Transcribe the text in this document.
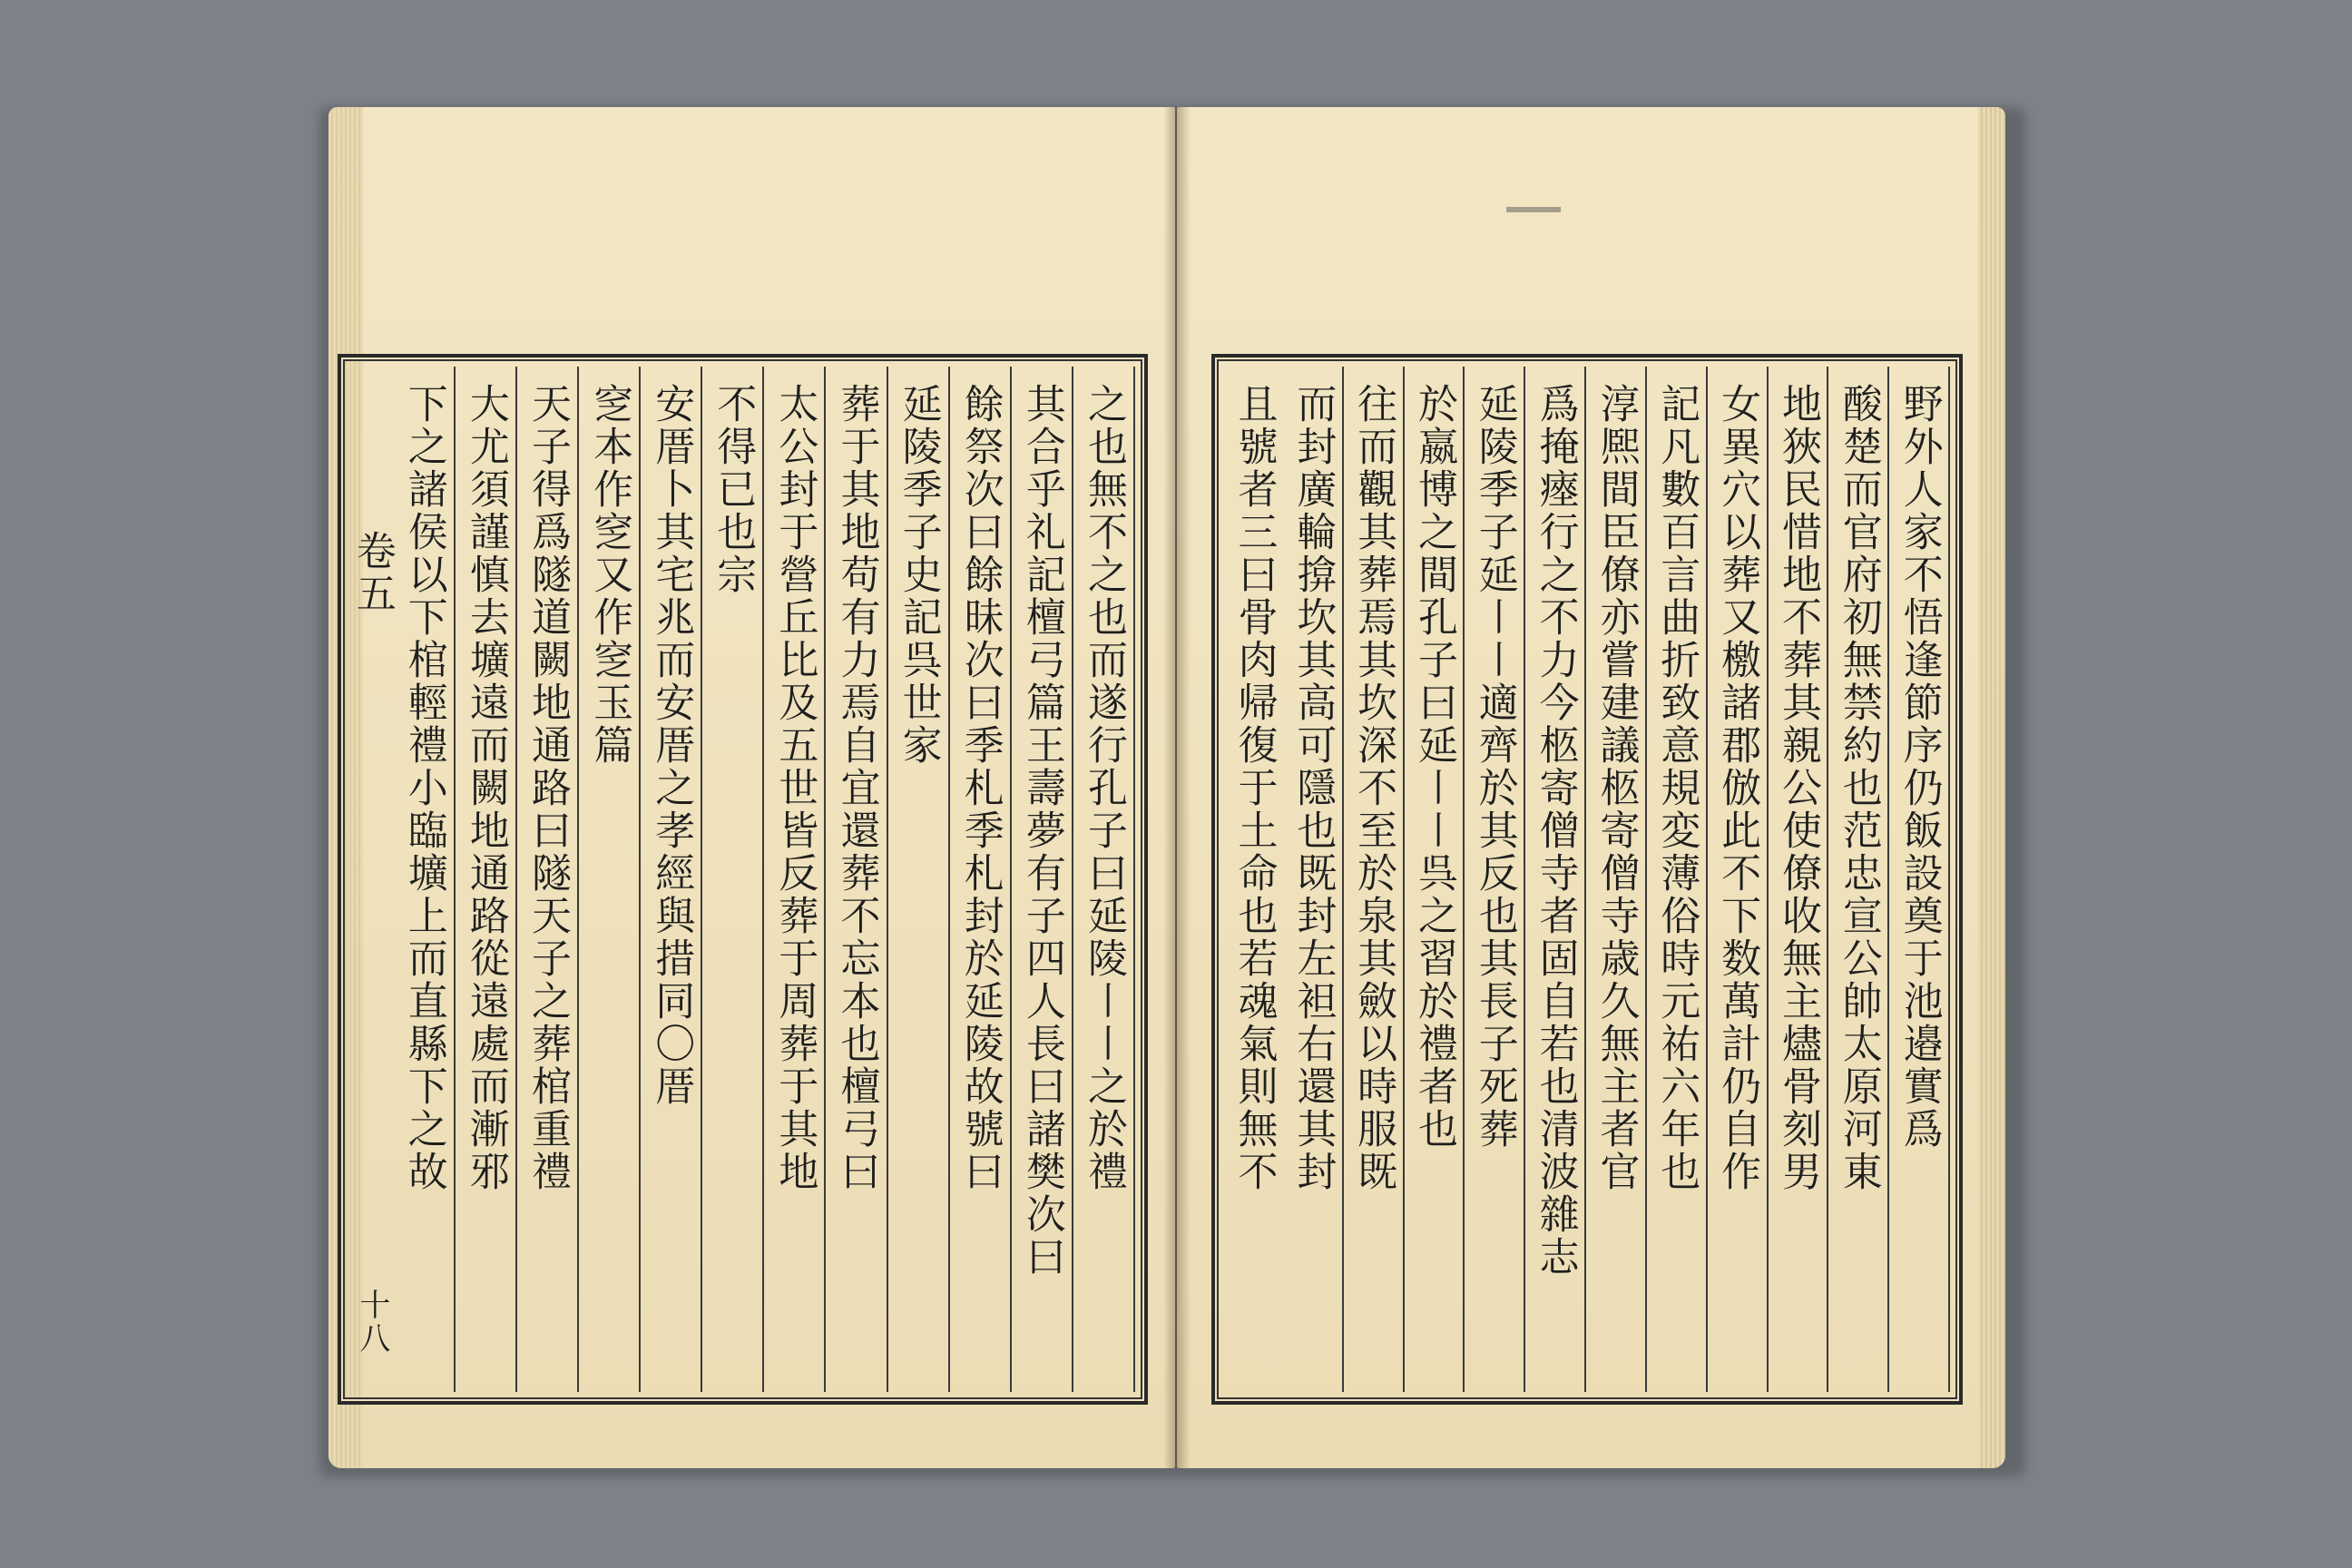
之也無不之也而遂行孔子曰延陵〡〡之於禮
其合乎礼記檀弓篇王壽夢有子四人長曰諸樊次曰
餘祭次曰餘昧次曰季札季札封於延陵故號曰
延陵季子史記呉世家
葬于其地苟有力焉自宜還葬不忘本也檀弓曰
太公封于營丘比及五世皆反葬于周葬于其地
不得已也宗
安厝卜其宅兆而安厝之孝經與措同〇厝
窆本作窆又作窆玉篇
天子得爲隧道闕地通路曰隧天子之葬棺重禮
大尤須謹慎去壙遠而闕地通路從遠處而漸邪
下之諸侯以下棺輕禮小臨壙上而直縣下之故
卷五
十八
野外人家不悟逢節序仍飯設奠于池邉實爲
酸楚而官府初無禁約也范忠宣公帥太原河東
地狹民惜地不葬其親公使僚收無主燼骨刻男
女異穴以葬又檄諸郡倣此不下数萬計仍自作
記凡數百言曲折致意規変薄俗時元祐六年也
淳熈間臣僚亦嘗建議柩寄僧寺歳久無主者官
爲掩瘞行之不力今柩寄僧寺者固自若也清波雜志
延陵季子延〡〡適齊於其反也其長子死葬
於嬴博之間孔子曰延〡〡呉之習於禮者也
往而觀其葬焉其坎深不至於泉其斂以時服既
而封廣輪揜坎其高可隱也既封左袒右還其封
且號者三曰骨肉帰復于土命也若魂氣則無不
